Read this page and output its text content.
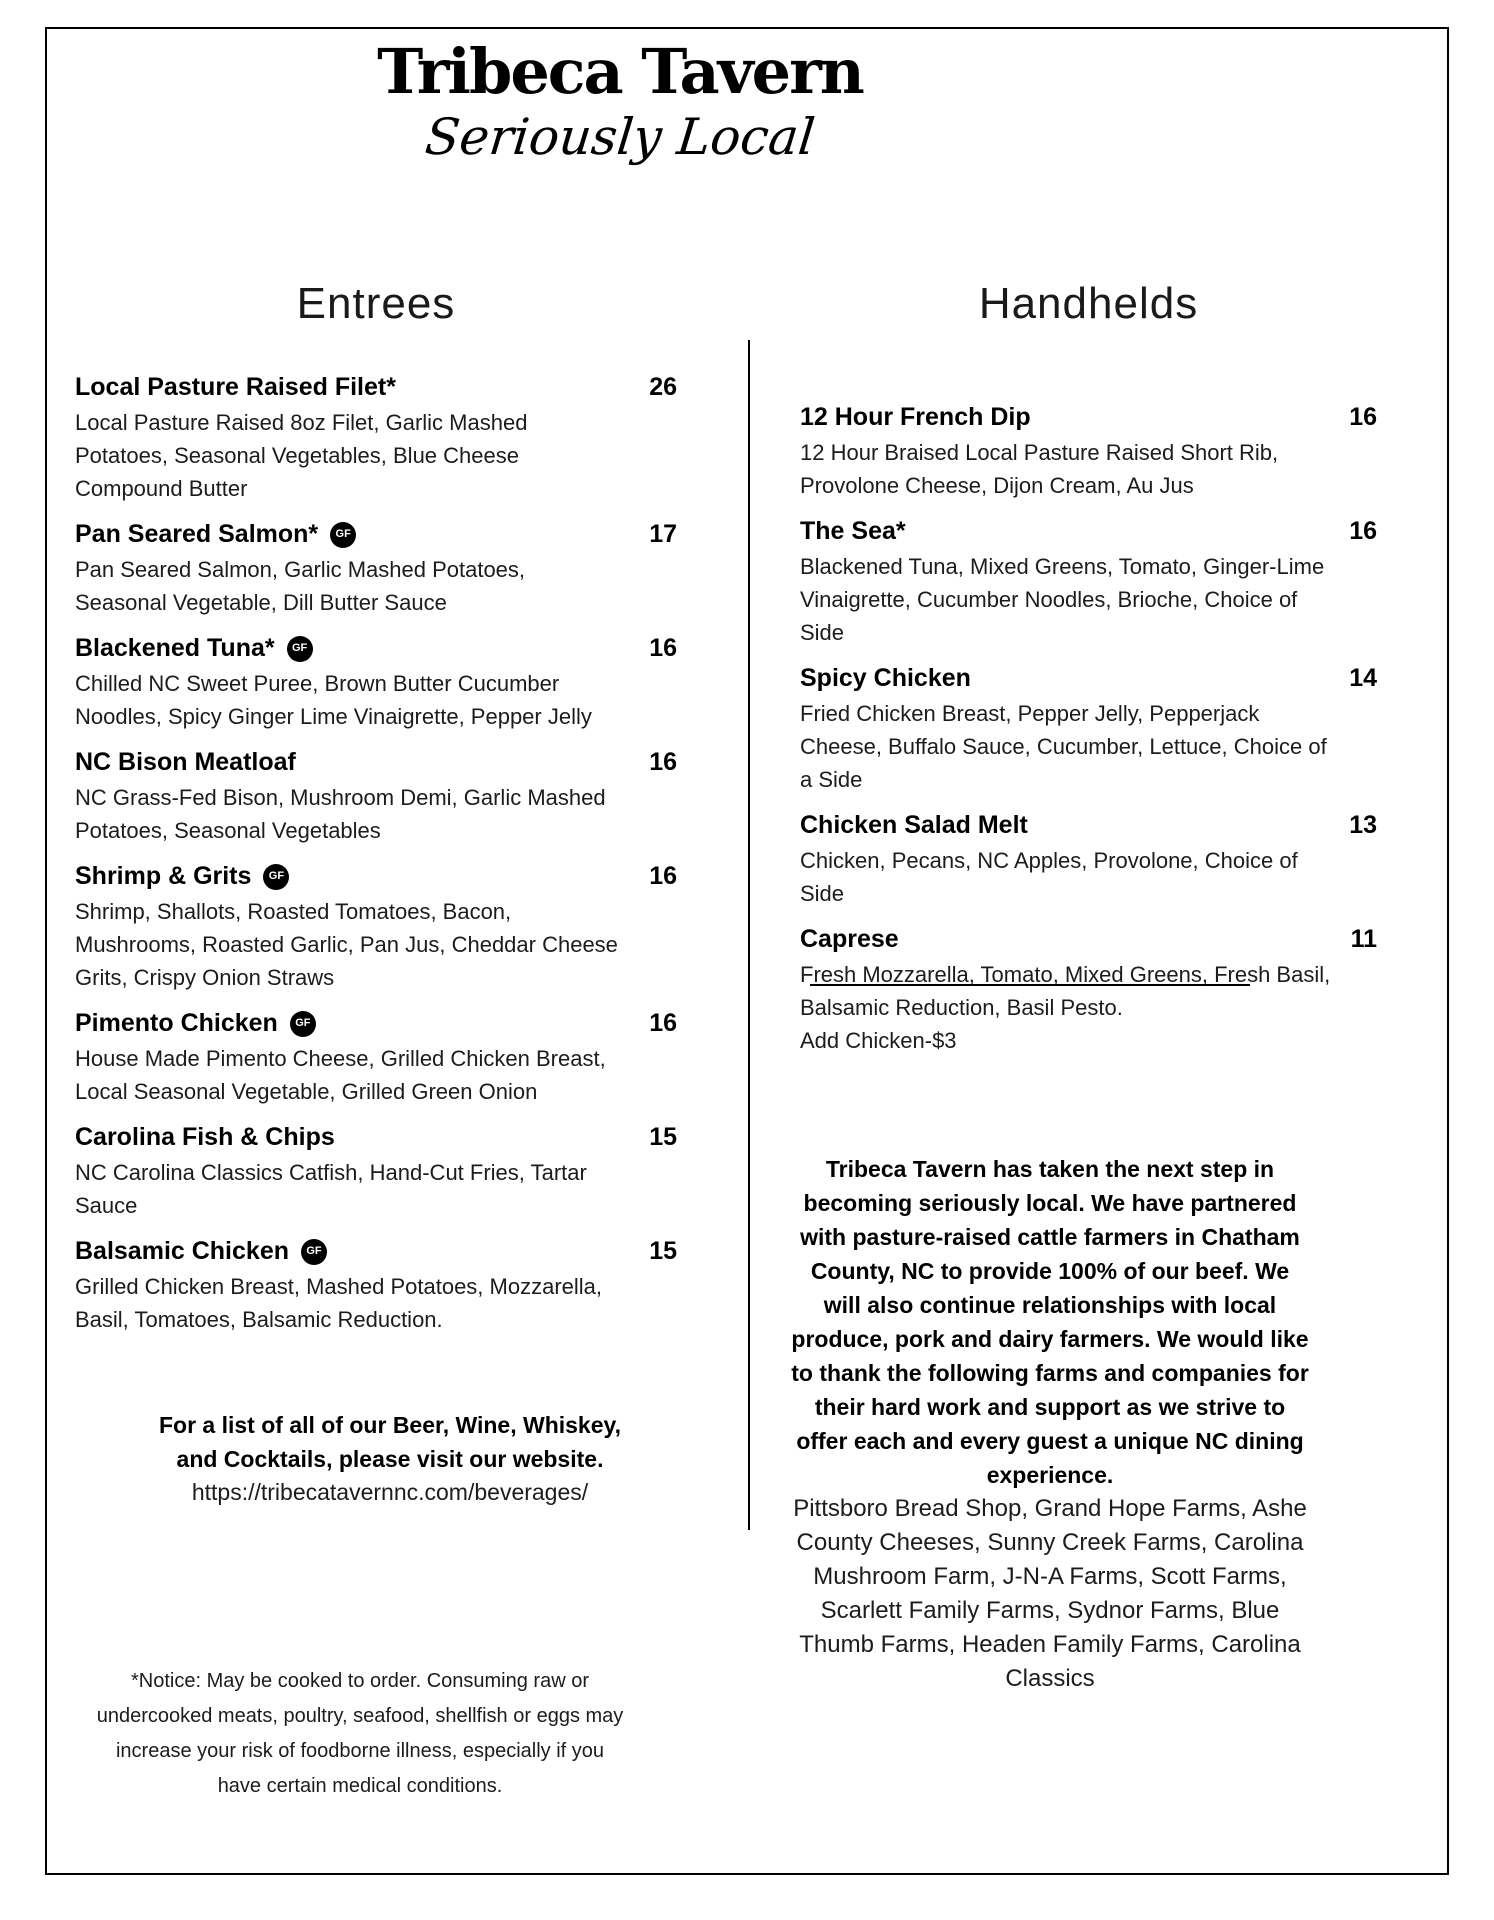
Tribeca Tavern
Seriously Local
Entrees
Local Pasture Raised Filet*	26
Local Pasture Raised 8oz Filet, Garlic Mashed Potatoes, Seasonal Vegetables, Blue Cheese Compound Butter
Pan Seared Salmon*	GF	17
Pan Seared Salmon, Garlic Mashed Potatoes, Seasonal Vegetable, Dill Butter Sauce
Blackened Tuna*	GF	16
Chilled NC Sweet Puree, Brown Butter Cucumber Noodles, Spicy Ginger Lime Vinaigrette, Pepper Jelly
NC Bison Meatloaf	16
NC Grass-Fed Bison, Mushroom Demi, Garlic Mashed Potatoes, Seasonal Vegetables
Shrimp & Grits	GF	16
Shrimp, Shallots, Roasted Tomatoes, Bacon, Mushrooms, Roasted Garlic, Pan Jus, Cheddar Cheese Grits, Crispy Onion Straws
Pimento Chicken	GF	16
House Made Pimento Cheese, Grilled Chicken Breast, Local Seasonal Vegetable, Grilled Green Onion
Carolina Fish & Chips	15
NC Carolina Classics Catfish, Hand-Cut Fries, Tartar Sauce
Balsamic Chicken	GF	15
Grilled Chicken Breast, Mashed Potatoes, Mozzarella, Basil, Tomatoes, Balsamic Reduction.
Handhelds
12 Hour French Dip	16
12 Hour Braised Local Pasture Raised Short Rib, Provolone Cheese, Dijon Cream, Au Jus
The Sea*	16
Blackened Tuna, Mixed Greens, Tomato, Ginger-Lime Vinaigrette, Cucumber Noodles, Brioche, Choice of Side
Spicy Chicken	14
Fried Chicken Breast, Pepper Jelly, Pepperjack Cheese, Buffalo Sauce, Cucumber, Lettuce, Choice of a Side
Chicken Salad Melt	13
Chicken, Pecans, NC Apples, Provolone, Choice of Side
Caprese	11
Fresh Mozzarella, Tomato, Mixed Greens, Fresh Basil, Balsamic Reduction, Basil Pesto.
Add Chicken-$3
Tribeca Tavern has taken the next step in becoming seriously local. We have partnered with pasture-raised cattle farmers in Chatham County, NC to provide 100% of our beef. We will also continue relationships with local produce, pork and dairy farmers. We would like to thank the following farms and companies for their hard work and support as we strive to offer each and every guest a unique NC dining experience.
Pittsboro Bread Shop, Grand Hope Farms, Ashe County Cheeses, Sunny Creek Farms, Carolina Mushroom Farm, J-N-A Farms, Scott Farms, Scarlett Family Farms, Sydnor Farms, Blue Thumb Farms, Headen Family Farms, Carolina Classics
For a list of all of our Beer, Wine, Whiskey,
and Cocktails, please visit our website.
https://tribecatavernnc.com/beverages/
*Notice: May be cooked to order. Consuming raw or undercooked meats, poultry, seafood, shellfish or eggs may increase your risk of foodborne illness, especially if you have certain medical conditions.
